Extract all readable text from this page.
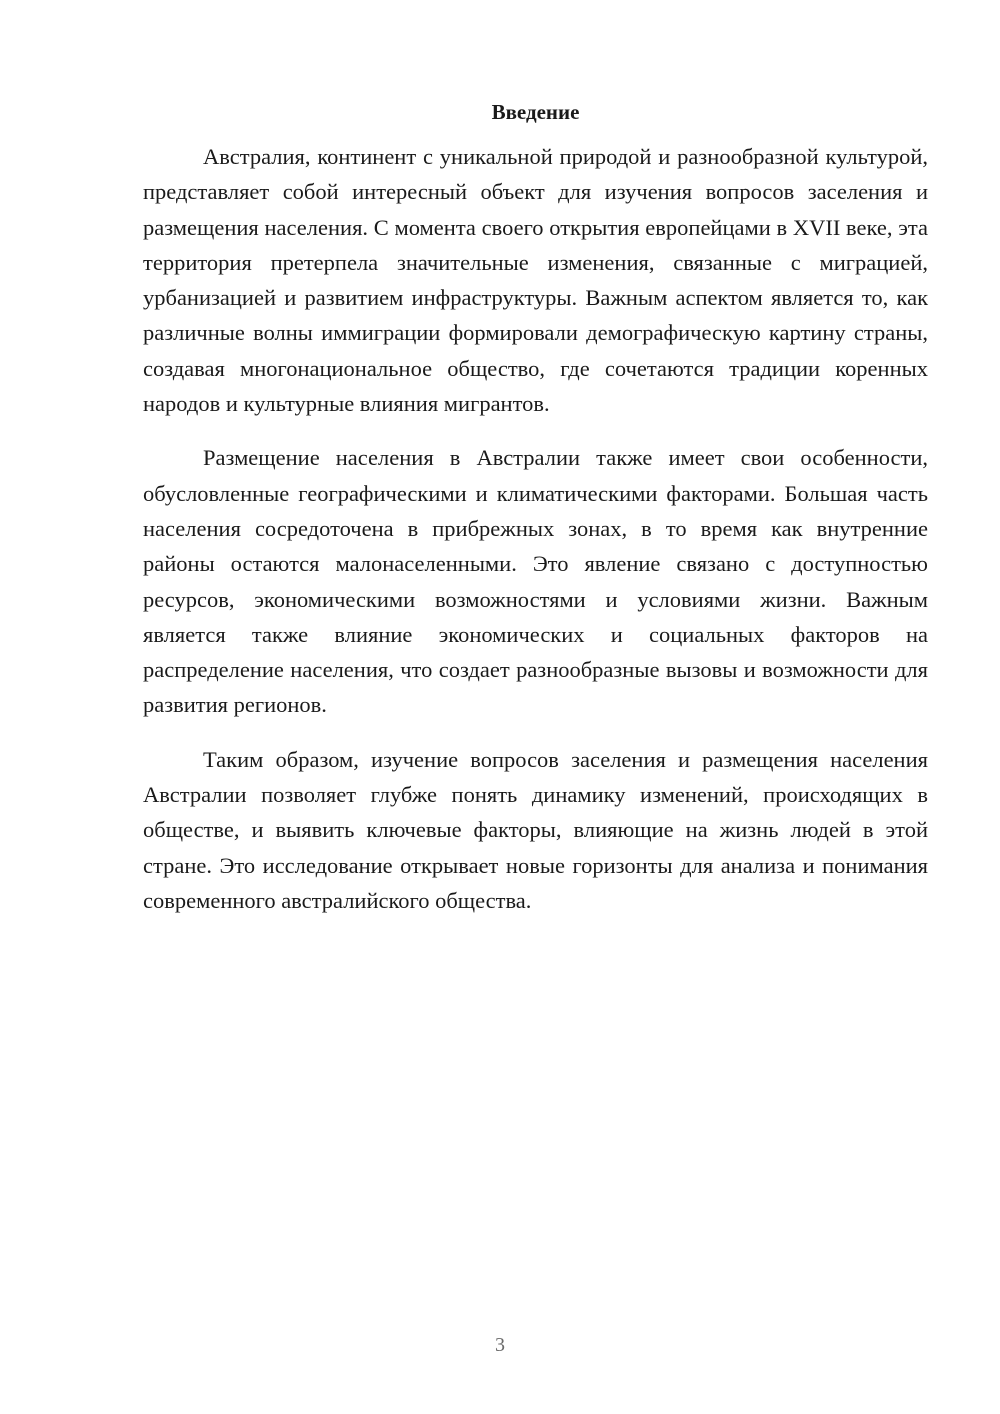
Введение

Австралия, континент с уникальной природой и разнообразной культурой, представляет собой интересный объект для изучения вопросов заселения и размещения населения. С момента своего открытия европейцами в XVII веке, эта территория претерпела значительные изменения, связанные с миграцией, урбанизацией и развитием инфраструктуры. Важным аспектом является то, как различные волны иммиграции формировали демографическую картину страны, создавая многонациональное общество, где сочетаются традиции коренных народов и культурные влияния мигрантов.

Размещение населения в Австралии также имеет свои особенности, обусловленные географическими и климатическими факторами. Большая часть населения сосредоточена в прибрежных зонах, в то время как внутренние районы остаются малонаселенными. Это явление связано с доступностью ресурсов, экономическими возможностями и условиями жизни. Важным является также влияние экономических и социальных факторов на распределение населения, что создает разнообразные вызовы и возможности для развития регионов.

Таким образом, изучение вопросов заселения и размещения населения Австралии позволяет глубже понять динамику изменений, происходящих в обществе, и выявить ключевые факторы, влияющие на жизнь людей в этой стране. Это исследование открывает новые горизонты для анализа и понимания современного австралийского общества.

3
